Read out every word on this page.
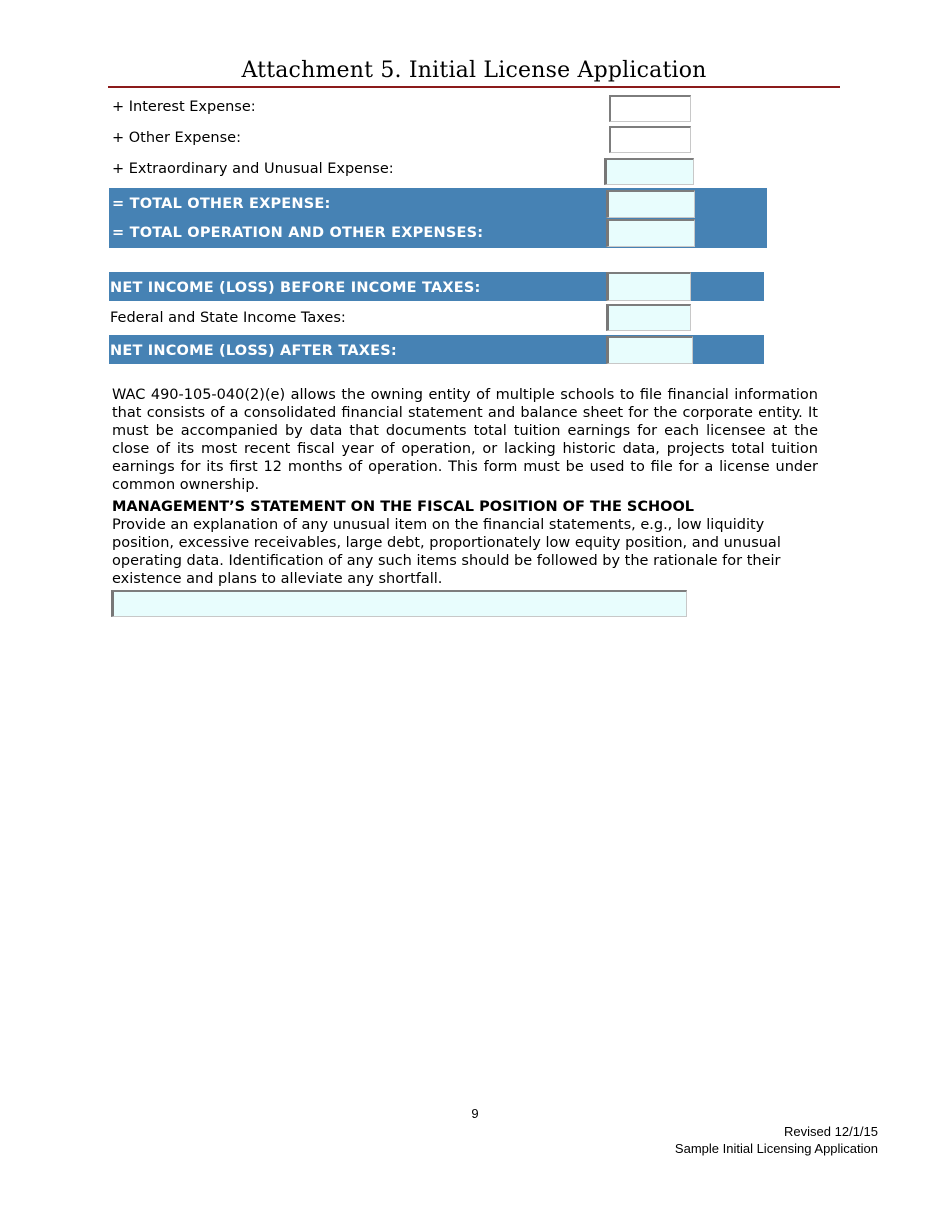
Attachment 5. Initial License Application
+ Interest Expense:
+ Other Expense:
+ Extraordinary and Unusual Expense:
= TOTAL OTHER EXPENSE:
= TOTAL OPERATION AND OTHER EXPENSES:
NET INCOME (LOSS) BEFORE INCOME TAXES:
Federal and State Income Taxes:
NET INCOME (LOSS) AFTER TAXES:
WAC 490-105-040(2)(e) allows the owning entity of multiple schools to file financial information that consists of a consolidated financial statement and balance sheet for the corporate entity. It must be accompanied by data that documents total tuition earnings for each licensee at the close of its most recent fiscal year of operation, or lacking historic data, projects total tuition earnings for its first 12 months of operation. This form must be used to file for a license under common ownership.
MANAGEMENT’S STATEMENT ON THE FISCAL POSITION OF THE SCHOOL
Provide an explanation of any unusual item on the financial statements, e.g., low liquidity position, excessive receivables, large debt, proportionately low equity position, and unusual operating data. Identification of any such items should be followed by the rationale for their existence and plans to alleviate any shortfall.
9
Revised 12/1/15
Sample Initial Licensing Application
